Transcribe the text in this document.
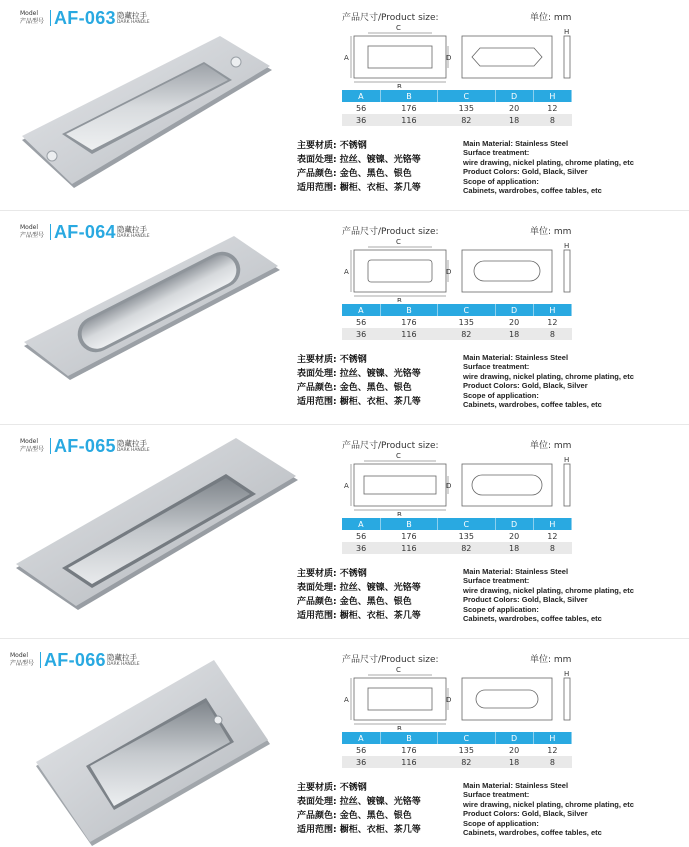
Model
产品型号 AF-063 隐藏拉手
DARK HANDLE	产品尺寸/Product size:	单位: mm
C
A	D
B
H
A	B	C	D	H
56	176	135	20	12
36	116	82	18	8
主要材质: 不锈钢
表面处理: 拉丝、镀镍、光铬等
产品颜色: 金色、黑色、银色
适用范围: 橱柜、衣柜、茶几等
Main Material: Stainless Steel
Surface treatment:
wire drawing, nickel plating, chrome plating, etc
Product Colors: Gold, Black, Silver
Scope of application:
Cabinets, wardrobes, coffee tables, etc
Model
产品型号 AF-064 隐藏拉手
DARK HANDLE	产品尺寸/Product size:	单位: mm
C
A	D
B
H
A	B	C	D	H
56	176	135	20	12
36	116	82	18	8
主要材质: 不锈钢
表面处理: 拉丝、镀镍、光铬等
产品颜色: 金色、黑色、银色
适用范围: 橱柜、衣柜、茶几等
Main Material: Stainless Steel
Surface treatment:
wire drawing, nickel plating, chrome plating, etc
Product Colors: Gold, Black, Silver
Scope of application:
Cabinets, wardrobes, coffee tables, etc
Model
产品型号 AF-065 隐藏拉手
DARK HANDLE	产品尺寸/Product size:	单位: mm
C
A	D
B
H
A	B	C	D	H
56	176	135	20	12
36	116	82	18	8
主要材质: 不锈钢
表面处理: 拉丝、镀镍、光铬等
产品颜色: 金色、黑色、银色
适用范围: 橱柜、衣柜、茶几等
Main Material: Stainless Steel
Surface treatment:
wire drawing, nickel plating, chrome plating, etc
Product Colors: Gold, Black, Silver
Scope of application:
Cabinets, wardrobes, coffee tables, etc
Model
产品型号 AF-066 隐藏拉手
DARK HANDLE	产品尺寸/Product size:	单位: mm
C
A	D
B
H
A	B	C	D	H
56	176	135	20	12
36	116	82	18	8
主要材质: 不锈钢
表面处理: 拉丝、镀镍、光铬等
产品颜色: 金色、黑色、银色
适用范围: 橱柜、衣柜、茶几等
Main Material: Stainless Steel
Surface treatment:
wire drawing, nickel plating, chrome plating, etc
Product Colors: Gold, Black, Silver
Scope of application:
Cabinets, wardrobes, coffee tables, etc
